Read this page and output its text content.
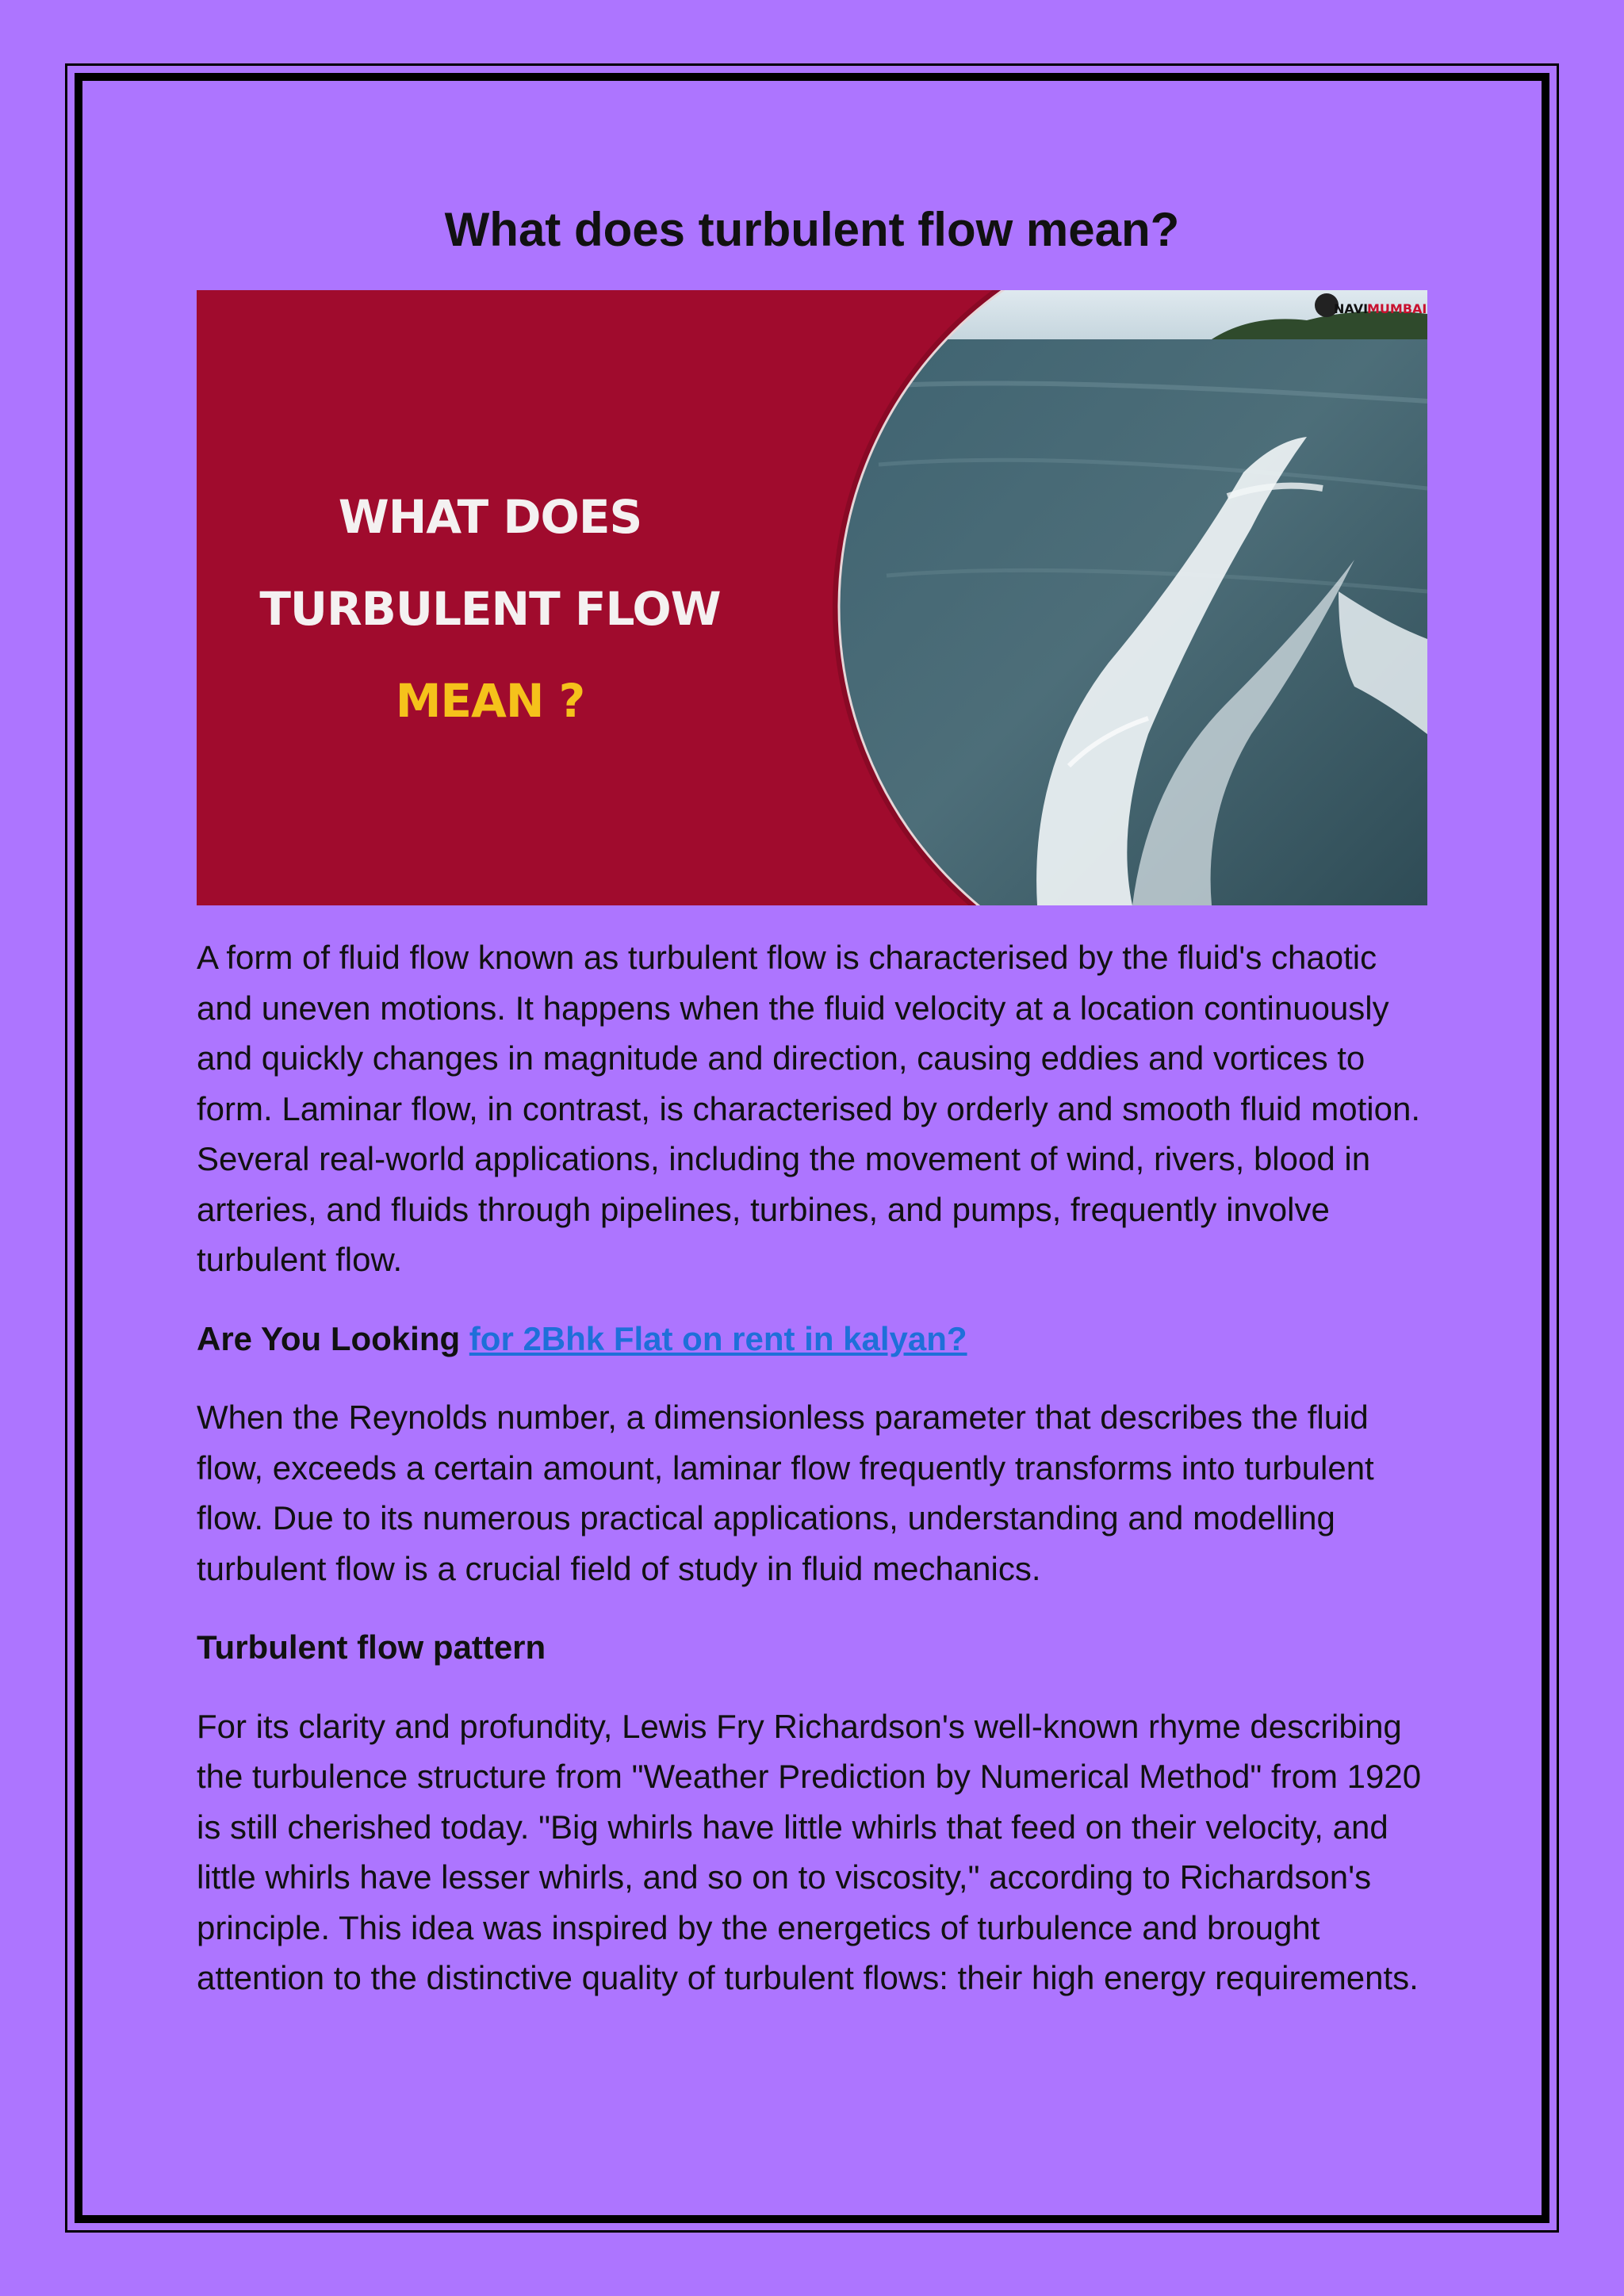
What does turbulent flow mean?
WHAT DOES
TURBULENT FLOW
MEAN ?
NAVI
MUMBAI

A form of fluid flow known as turbulent flow is characterised by the fluid's chaotic and uneven motions. It happens when the fluid velocity at a location continuously and quickly changes in magnitude and direction, causing eddies and vortices to form. Laminar flow, in contrast, is characterised by orderly and smooth fluid motion. Several real-world applications, including the movement of wind, rivers, blood in arteries, and fluids through pipelines, turbines, and pumps, frequently involve turbulent flow.

Are You Looking for 2Bhk Flat on rent in kalyan?

When the Reynolds number, a dimensionless parameter that describes the fluid flow, exceeds a certain amount, laminar flow frequently transforms into turbulent flow. Due to its numerous practical applications, understanding and modelling turbulent flow is a crucial field of study in fluid mechanics.

Turbulent flow pattern

For its clarity and profundity, Lewis Fry Richardson's well-known rhyme describing the turbulence structure from "Weather Prediction by Numerical Method" from 1920 is still cherished today. "Big whirls have little whirls that feed on their velocity, and little whirls have lesser whirls, and so on to viscosity," according to Richardson's principle. This idea was inspired by the energetics of turbulence and brought attention to the distinctive quality of turbulent flows: their high energy requirements.
